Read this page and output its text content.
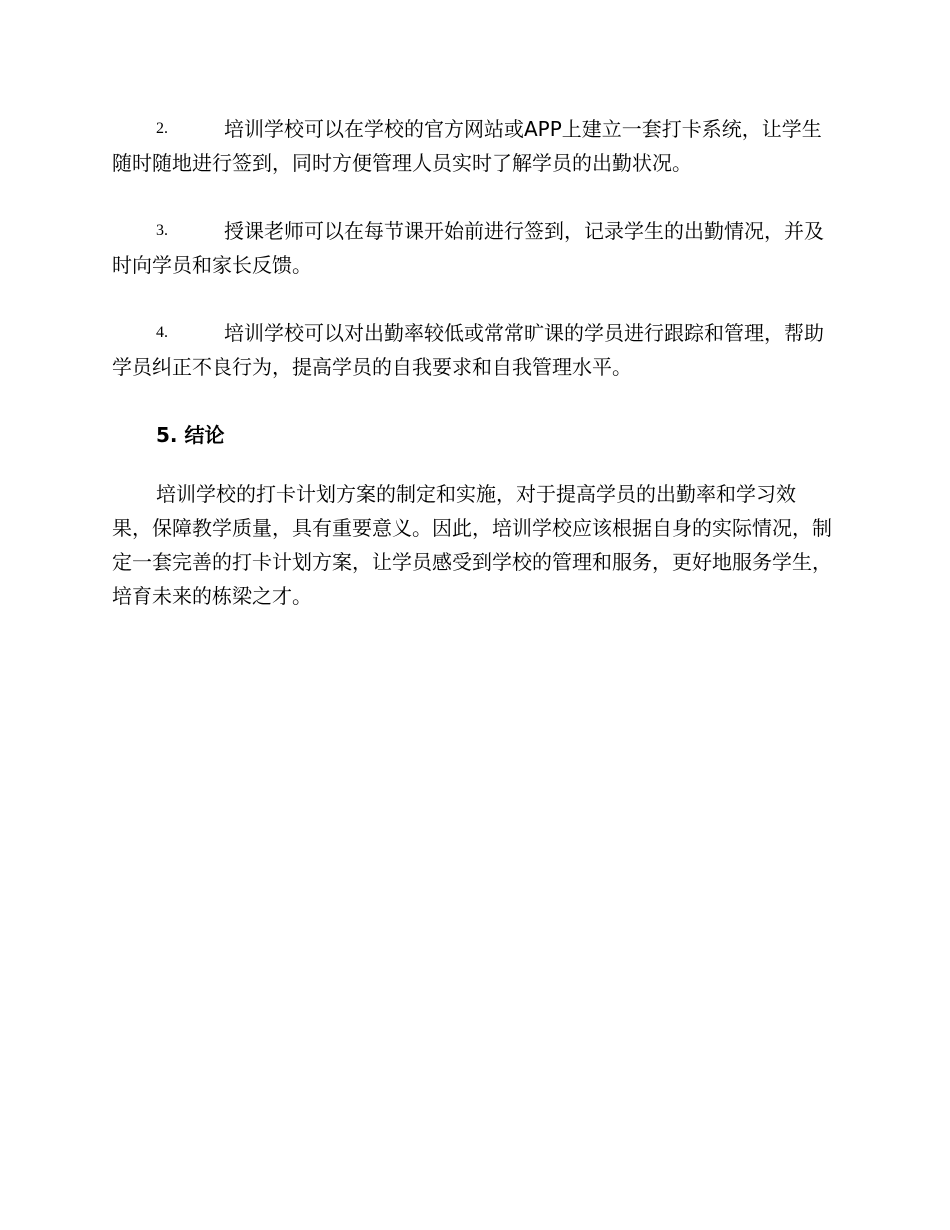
2.	培训学校可以在学校的官方网站或APP上建立一套打卡系统，让学生随时随地进行签到，同时方便管理人员实时了解学员的出勤状况。

3.	授课老师可以在每节课开始前进行签到，记录学生的出勤情况，并及时向学员和家长反馈。

4.	培训学校可以对出勤率较低或常常旷课的学员进行跟踪和管理，帮助学员纠正不良行为，提高学员的自我要求和自我管理水平。

5. 结论

培训学校的打卡计划方案的制定和实施，对于提高学员的出勤率和学习效果，保障教学质量，具有重要意义。因此，培训学校应该根据自身的实际情况，制定一套完善的打卡计划方案，让学员感受到学校的管理和服务，更好地服务学生，培育未来的栋梁之才。
